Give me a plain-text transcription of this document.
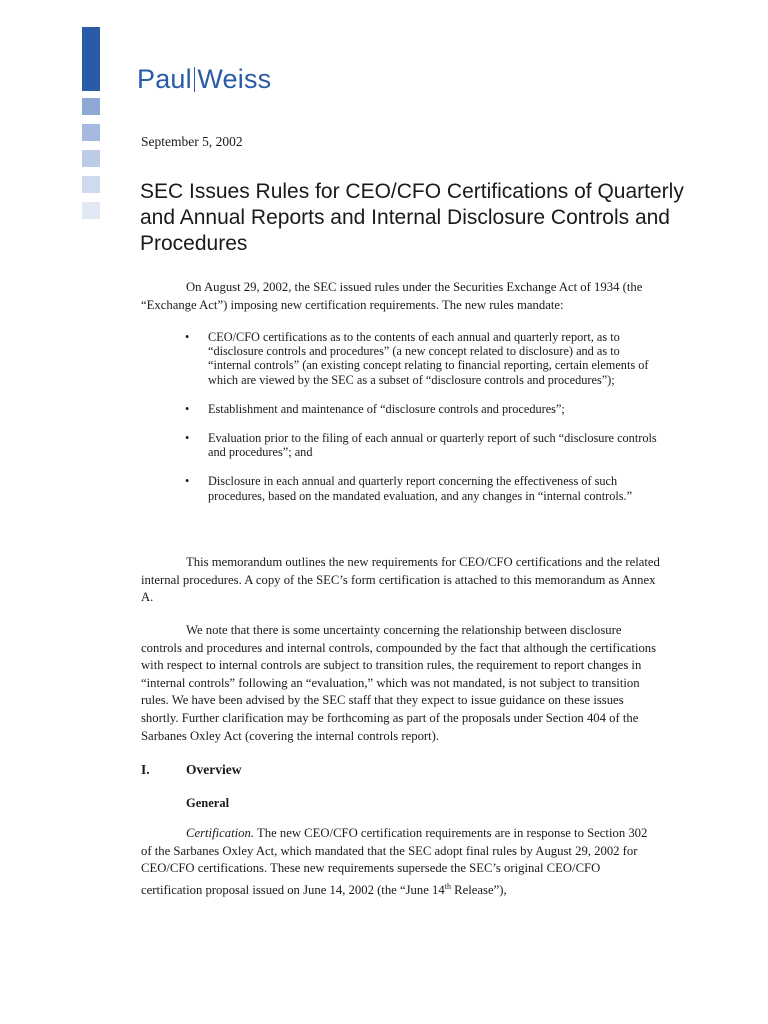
Paul Weiss
September 5, 2002
SEC Issues Rules for CEO/CFO Certifications of Quarterly and Annual Reports and Internal Disclosure Controls and Procedures

On August 29, 2002, the SEC issued rules under the Securities Exchange Act of 1934 (the “Exchange Act”) imposing new certification requirements. The new rules mandate:

• CEO/CFO certifications as to the contents of each annual and quarterly report, as to “disclosure controls and procedures” (a new concept related to disclosure) and as to “internal controls” (an existing concept relating to financial reporting, certain elements of which are viewed by the SEC as a subset of “disclosure controls and procedures”);
• Establishment and maintenance of “disclosure controls and procedures”;
• Evaluation prior to the filing of each annual or quarterly report of such “disclosure controls and procedures”; and
• Disclosure in each annual and quarterly report concerning the effectiveness of such procedures, based on the mandated evaluation, and any changes in “internal controls.”

This memorandum outlines the new requirements for CEO/CFO certifications and the related internal procedures. A copy of the SEC’s form certification is attached to this memorandum as Annex A.

We note that there is some uncertainty concerning the relationship between disclosure controls and procedures and internal controls, compounded by the fact that although the certifications with respect to internal controls are subject to transition rules, the requirement to report changes in “internal controls” following an “evaluation,” which was not mandated, is not subject to transition rules. We have been advised by the SEC staff that they expect to issue guidance on these issues shortly. Further clarification may be forthcoming as part of the proposals under Section 404 of the Sarbanes Oxley Act (covering the internal controls report).

I.	Overview
General

Certification. The new CEO/CFO certification requirements are in response to Section 302 of the Sarbanes Oxley Act, which mandated that the SEC adopt final rules by August 29, 2002 for CEO/CFO certifications. These new requirements supersede the SEC’s original CEO/CFO certification proposal issued on June 14, 2002 (the “June 14th Release”),
